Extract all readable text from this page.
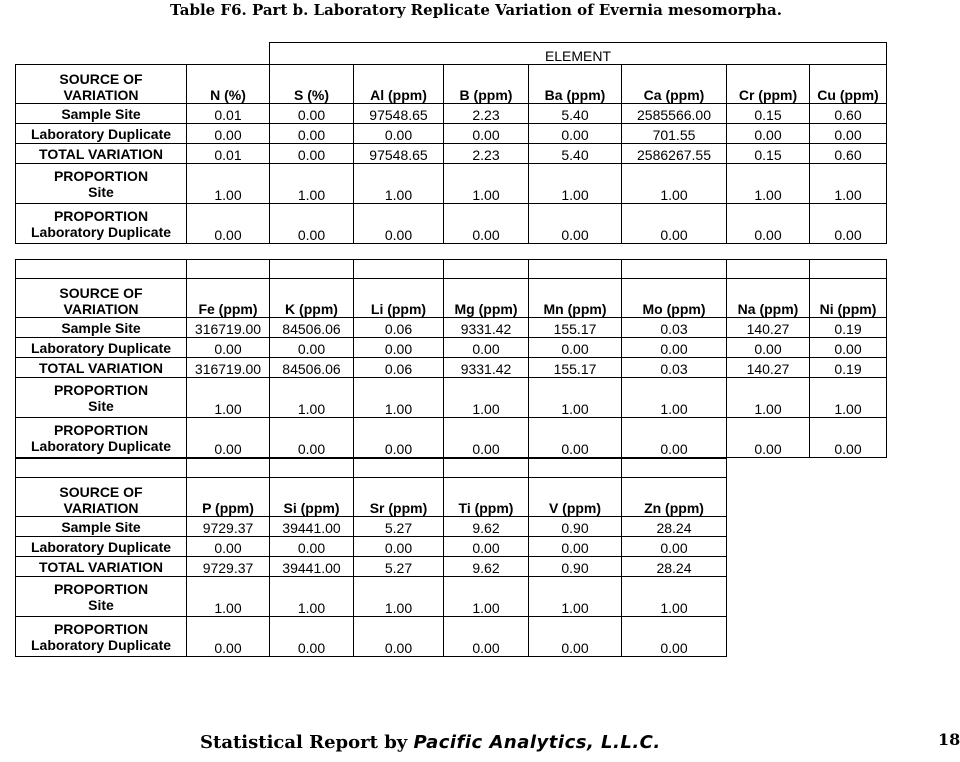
Table F6. Part b. Laboratory Replicate Variation of Evernia mesomorpha.
		ELEMENT						
SOURCE OF
VARIATION	N (%)	S (%)	Al (ppm)	B (ppm)	Ba (ppm)	Ca (ppm)	Cr (ppm)	Cu (ppm)
Sample Site	0.01	0.00	97548.65	2.23	5.40	2585566.00	0.15	0.60
Laboratory Duplicate	0.00	0.00	0.00	0.00	0.00	701.55	0.00	0.00
TOTAL VARIATION	0.01	0.00	97548.65	2.23	5.40	2586267.55	0.15	0.60
PROPORTION
Site	1.00	1.00	1.00	1.00	1.00	1.00	1.00	1.00
PROPORTION
Laboratory Duplicate	0.00	0.00	0.00	0.00	0.00	0.00	0.00	0.00

SOURCE OF
VARIATION	Fe (ppm)	K (ppm)	Li (ppm)	Mg (ppm)	Mn (ppm)	Mo (ppm)	Na (ppm)	Ni (ppm)
Sample Site	316719.00	84506.06	0.06	9331.42	155.17	0.03	140.27	0.19
Laboratory Duplicate	0.00	0.00	0.00	0.00	0.00	0.00	0.00	0.00
TOTAL VARIATION	316719.00	84506.06	0.06	9331.42	155.17	0.03	140.27	0.19
PROPORTION
Site	1.00	1.00	1.00	1.00	1.00	1.00	1.00	1.00
PROPORTION
Laboratory Duplicate	0.00	0.00	0.00	0.00	0.00	0.00	0.00	0.00

SOURCE OF
VARIATION	P (ppm)	Si (ppm)	Sr (ppm)	Ti (ppm)	V (ppm)	Zn (ppm)
Sample Site	9729.37	39441.00	5.27	9.62	0.90	28.24
Laboratory Duplicate	0.00	0.00	0.00	0.00	0.00	0.00
TOTAL VARIATION	9729.37	39441.00	5.27	9.62	0.90	28.24
PROPORTION
Site	1.00	1.00	1.00	1.00	1.00	1.00
PROPORTION
Laboratory Duplicate	0.00	0.00	0.00	0.00	0.00	0.00
Statistical Report by Pacific Analytics, L.L.C.	18
